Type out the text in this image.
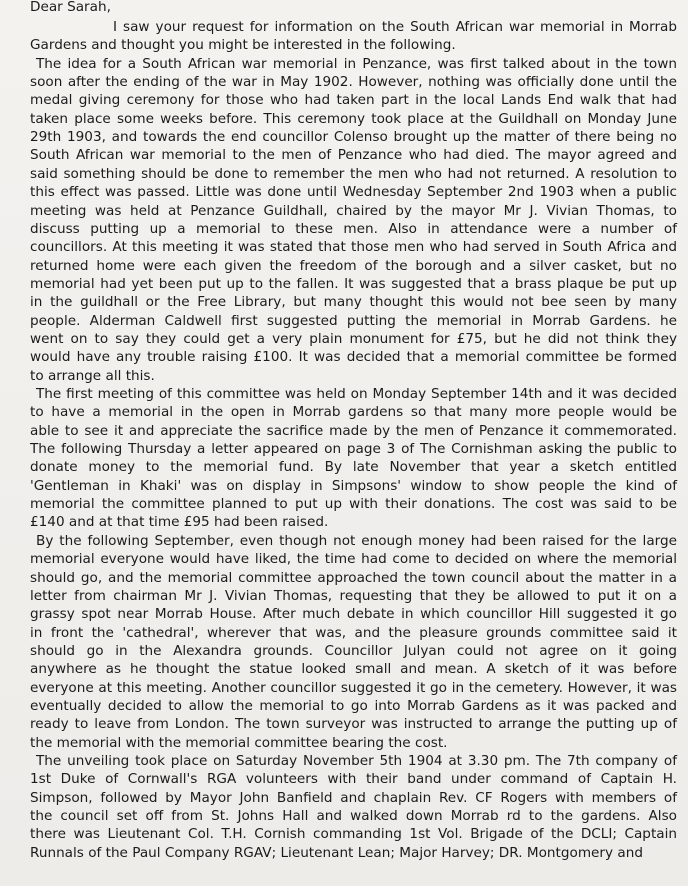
Dear Sarah,
I saw your request for information on the South African war memorial in Morrab
Gardens and thought you might be interested in the following.
The idea for a South African war memorial in Penzance, was first talked about in the town
soon after the ending of the war in May 1902. However, nothing was officially done until the
medal giving ceremony for those who had taken part in the local Lands End walk that had
taken place some weeks before. This ceremony took place at the Guildhall on Monday June
29th 1903, and towards the end councillor Colenso brought up the matter of there being no
South African war memorial to the men of Penzance who had died. The mayor agreed and
said something should be done to remember the men who had not returned. A resolution to
this effect was passed. Little was done until Wednesday September 2nd 1903 when a public
meeting was held at Penzance Guildhall, chaired by the mayor Mr J. Vivian Thomas, to
discuss putting up a memorial to these men. Also in attendance were a number of
councillors. At this meeting it was stated that those men who had served in South Africa and
returned home were each given the freedom of the borough and a silver casket, but no
memorial had yet been put up to the fallen. It was suggested that a brass plaque be put up
in the guildhall or the Free Library, but many thought this would not bee seen by many
people. Alderman Caldwell first suggested putting the memorial in Morrab Gardens. he
went on to say they could get a very plain monument for £75, but he did not think they
would have any trouble raising £100. It was decided that a memorial committee be formed
to arrange all this.
The first meeting of this committee was held on Monday September 14th and it was decided
to have a memorial in the open in Morrab gardens so that many more people would be
able to see it and appreciate the sacrifice made by the men of Penzance it commemorated.
The following Thursday a letter appeared on page 3 of The Cornishman asking the public to
donate money to the memorial fund. By late November that year a sketch entitled
'Gentleman in Khaki' was on display in Simpsons' window to show people the kind of
memorial the committee planned to put up with their donations. The cost was said to be
£140 and at that time £95 had been raised.
By the following September, even though not enough money had been raised for the large
memorial everyone would have liked, the time had come to decided on where the memorial
should go, and the memorial committee approached the town council about the matter in a
letter from chairman Mr J. Vivian Thomas, requesting that they be allowed to put it on a
grassy spot near Morrab House. After much debate in which councillor Hill suggested it go
in front the 'cathedral', wherever that was, and the pleasure grounds committee said it
should go in the Alexandra grounds. Councillor Julyan could not agree on it going
anywhere as he thought the statue looked small and mean. A sketch of it was before
everyone at this meeting. Another councillor suggested it go in the cemetery. However, it was
eventually decided to allow the memorial to go into Morrab Gardens as it was packed and
ready to leave from London. The town surveyor was instructed to arrange the putting up of
the memorial with the memorial committee bearing the cost.
The unveiling took place on Saturday November 5th 1904 at 3.30 pm. The 7th company of
1st Duke of Cornwall's RGA volunteers with their band under command of Captain H.
Simpson, followed by Mayor John Banfield and chaplain Rev. CF Rogers with members of
the council set off from St. Johns Hall and walked down Morrab rd to the gardens. Also
there was Lieutenant Col. T.H. Cornish commanding 1st Vol. Brigade of the DCLI; Captain
Runnals of the Paul Company RGAV; Lieutenant Lean; Major Harvey; DR. Montgomery and
